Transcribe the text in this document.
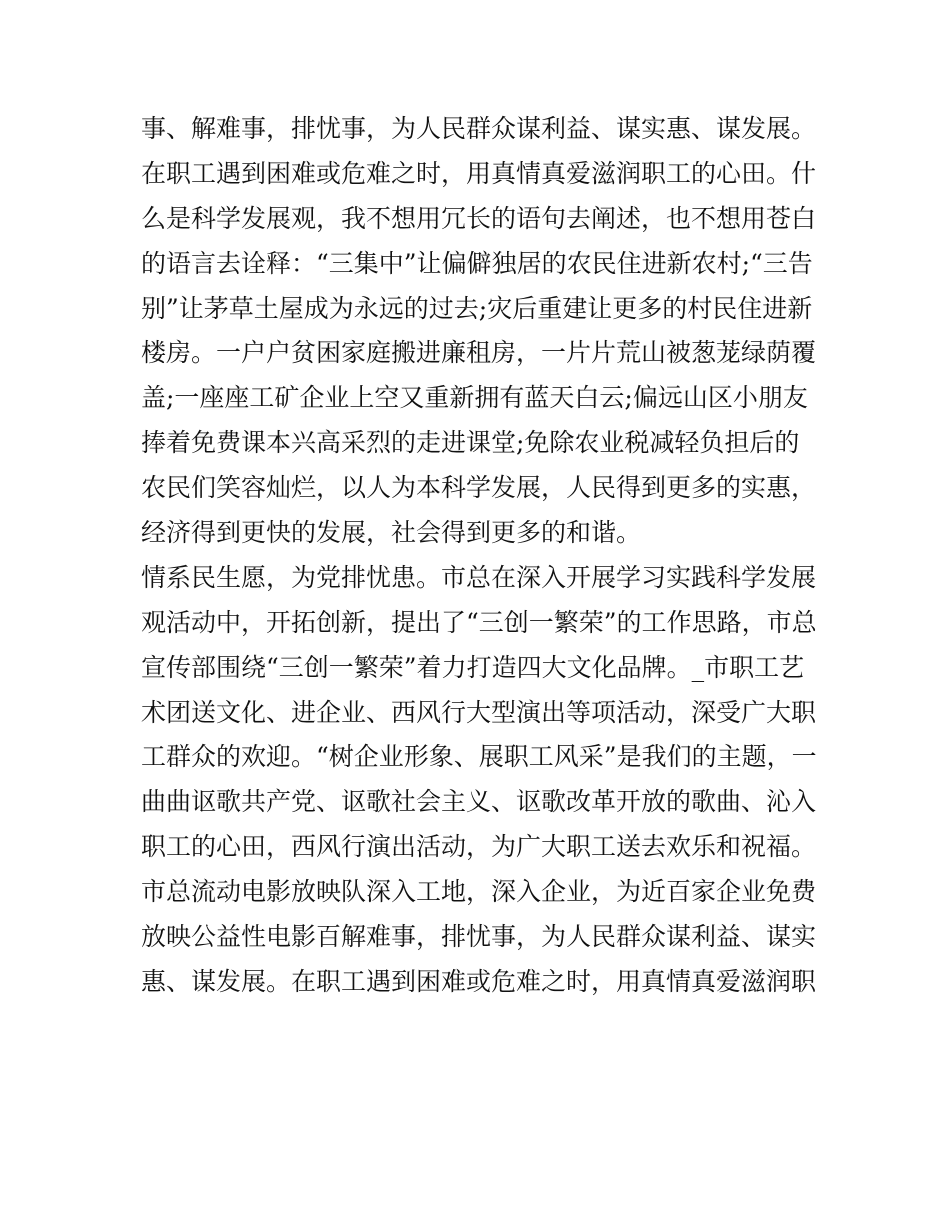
事、解难事，排忧事，为人民群众谋利益、谋实惠、谋发展。
在职工遇到困难或危难之时，用真情真爱滋润职工的心田。什
么是科学发展观，我不想用冗长的语句去阐述，也不想用苍白
的语言去诠释：“三集中”让偏僻独居的农民住进新农村;“三告
别”让茅草土屋成为永远的过去;灾后重建让更多的村民住进新
楼房。一户户贫困家庭搬进廉租房，一片片荒山被葱茏绿荫覆
盖;一座座工矿企业上空又重新拥有蓝天白云;偏远山区小朋友
捧着免费课本兴高采烈的走进课堂;免除农业税减轻负担后的
农民们笑容灿烂，以人为本科学发展，人民得到更多的实惠，
经济得到更快的发展，社会得到更多的和谐。
情系民生愿，为党排忧患。市总在深入开展学习实践科学发展
观活动中，开拓创新，提出了“三创一繁荣”的工作思路，市总
宣传部围绕“三创一繁荣”着力打造四大文化品牌。_市职工艺
术团送文化、进企业、西风行大型演出等项活动，深受广大职
工群众的欢迎。“树企业形象、展职工风采”是我们的主题，一
曲曲讴歌共产党、讴歌社会主义、讴歌改革开放的歌曲、沁入
职工的心田，西风行演出活动，为广大职工送去欢乐和祝福。
市总流动电影放映队深入工地，深入企业，为近百家企业免费
放映公益性电影百解难事，排忧事，为人民群众谋利益、谋实
惠、谋发展。在职工遇到困难或危难之时，用真情真爱滋润职
